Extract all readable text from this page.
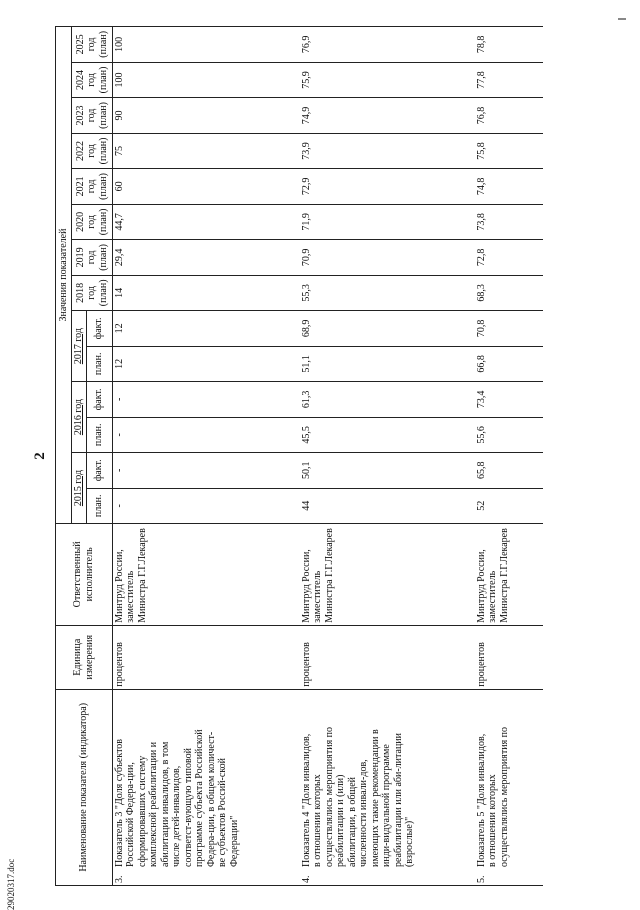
2
Наименование показателя (индикатора)	Единица измерения	Ответственный исполнитель	Значения показателей													
			2015 год		2016 год		2017 год		2018 год (план)	2019 год (план)	2020 год (план)	2021 год (план)	2022 год (план)	2023 год (план)	2024 год (план)	2025 год (план)
			план.	факт.	план.	факт.	план.	факт.								
3.Показатель 3 "Доля субъектов Российской Федера-ции, сформировавших систему комплексной реабилитации и абилитации инвалидов, в том числе детей-инвалидов, соответст-вующую типовой программе субъекта Российской Федера-ции, в общем количест-ве субъектов Россий-ской Федерации"	процентов	Минтруд России, заместитель Министра Г.Г.Лекарев	-	-	-	-	12	12	14	29,4	44,7	60	75	90	100	100
4.Показатель 4 "Доля инвалидов, в отношении которых осуществлялись мероприятия по реабилитации и (или) абилитации, в общей численности инвали-дов, имеющих такие рекомендации в инди-видуальной программе реабилитации или аби-литации (взрослые)"	процентов	Минтруд России, заместитель Министра Г.Г.Лекарев	44	50,1	45,5	61,3	51,1	68,9	55,3	70,9	71,9	72,9	73,9	74,9	75,9	76,9
5.Показатель 5 "Доля инвалидов, в отношении которых осуществлялись мероприятия по	процентов	Минтруд России, заместитель Министра Г.Г.Лекарев	52	65,8	55,6	73,4	66,8	70,8	68,3	72,8	73,8	74,8	75,8	76,8	77,8	78,8
29020317.doc
